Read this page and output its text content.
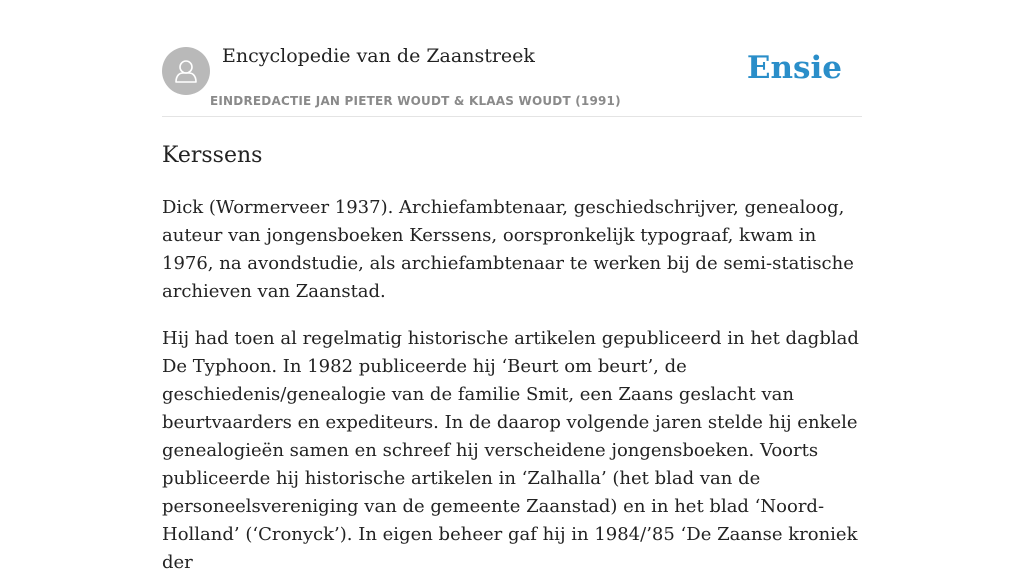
Encyclopedie van de Zaanstreek
EINDREDACTIE JAN PIETER WOUDT & KLAAS WOUDT (1991)
Ensie
Kerssens

Dick (Wormerveer 1937). Archiefambtenaar, geschiedschrijver, genealoog, auteur van jongensboeken Kerssens, oorspronkelijk typograaf, kwam in 1976, na avondstudie, als archiefambtenaar te werken bij de semi-statische archieven van Zaanstad.

Hij had toen al regelmatig historische artikelen gepubliceerd in het dagblad De Typhoon. In 1982 publiceerde hij ‘Beurt om beurt’, de geschiedenis/genealogie van de familie Smit, een Zaans geslacht van beurtvaarders en expediteurs. In de daarop volgende jaren stelde hij enkele genealogieën samen en schreef hij verscheidene jongensboeken. Voorts publiceerde hij historische artikelen in ‘Zalhalla’ (het blad van de personeelsvereniging van de gemeente Zaanstad) en in het blad ‘Noord-Holland’ (‘Cronyck’). In eigen beheer gaf hij in 1984/’85 ‘De Zaanse kroniek der
